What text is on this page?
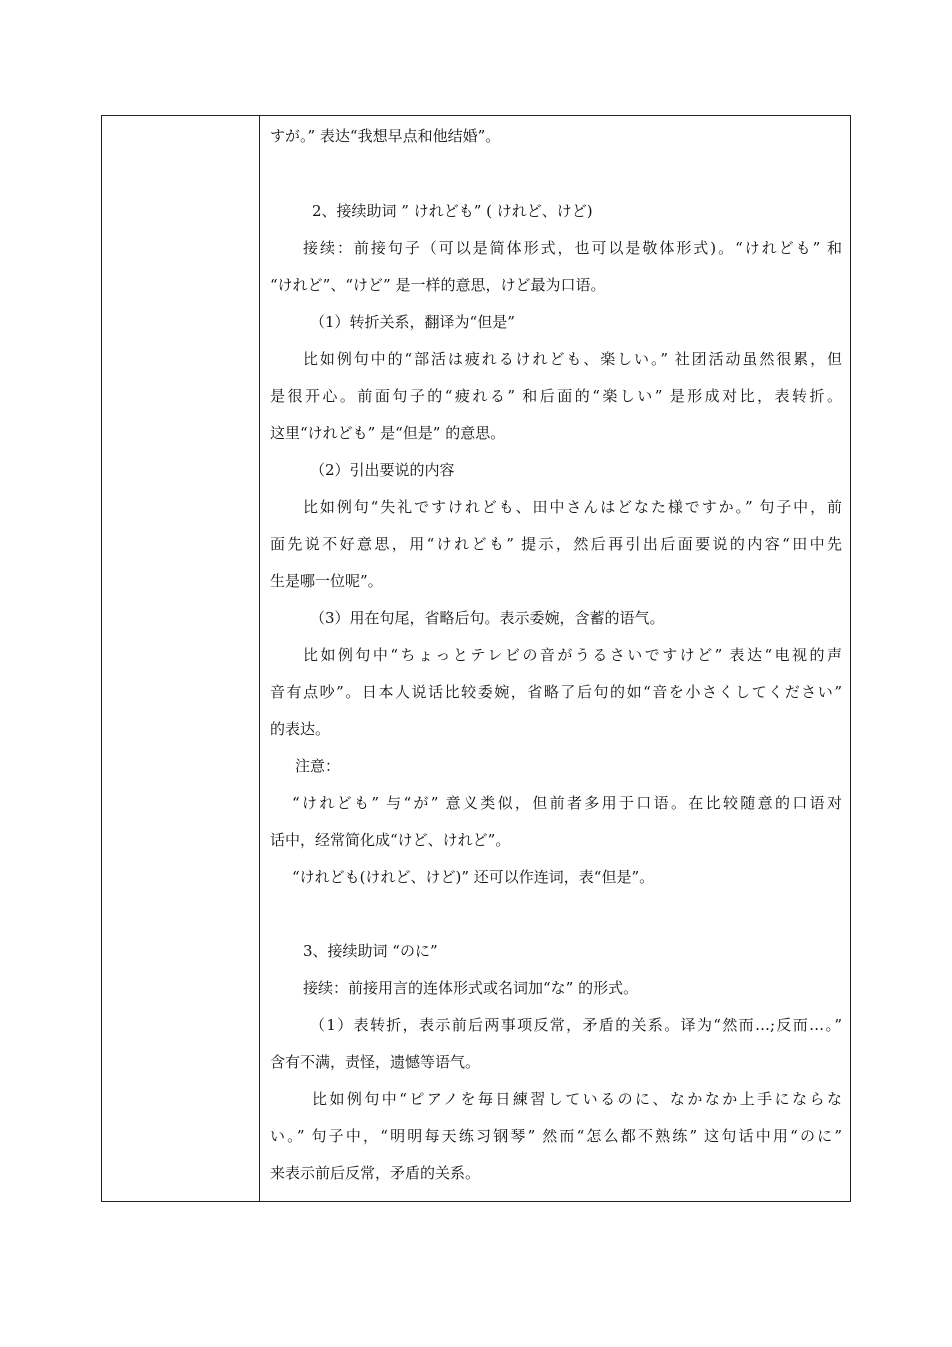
すが。” 表达“我想早点和他结婚”。
2、接续助词 ” けれども” ( けれど、けど)
接续：前接句子（可以是简体形式，也可以是敬体形式)。“けれども” 和
“けれど”、“けど” 是一样的意思，けど最为口语。
（1）转折关系，翻译为“但是”
比如例句中的“部活は疲れるけれども、楽しい。” 社团活动虽然很累，但
是很开心。前面句子的“疲れる” 和后面的“楽しい” 是形成对比，表转折。
这里“けれども” 是“但是” 的意思。
（2）引出要说的内容
比如例句“失礼ですけれども、田中さんはどなた様ですか。” 句子中，前
面先说不好意思，用“けれども” 提示，然后再引出后面要说的内容“田中先
生是哪一位呢”。
（3）用在句尾，省略后句。表示委婉，含蓄的语气。
比如例句中“ちょっとテレビの音がうるさいですけど” 表达“电视的声
音有点吵”。日本人说话比较委婉，省略了后句的如“音を小さくしてください”
的表达。
注意：
“けれども” 与“が” 意义类似，但前者多用于口语。在比较随意的口语对
话中，经常简化成“けど、けれど”。
“けれども(けれど、けど)” 还可以作连词，表“但是”。
3、接续助词 “のに”
接续：前接用言的连体形式或名词加“な” 的形式。
（1）表转折，表示前后两事项反常，矛盾的关系。译为“然而…;反而…。”
含有不满，责怪，遗憾等语气。
比如例句中“ピアノを毎日練習しているのに、なかなか上手にならな
い。” 句子中，“明明每天练习钢琴” 然而“怎么都不熟练” 这句话中用“のに”
来表示前后反常，矛盾的关系。
